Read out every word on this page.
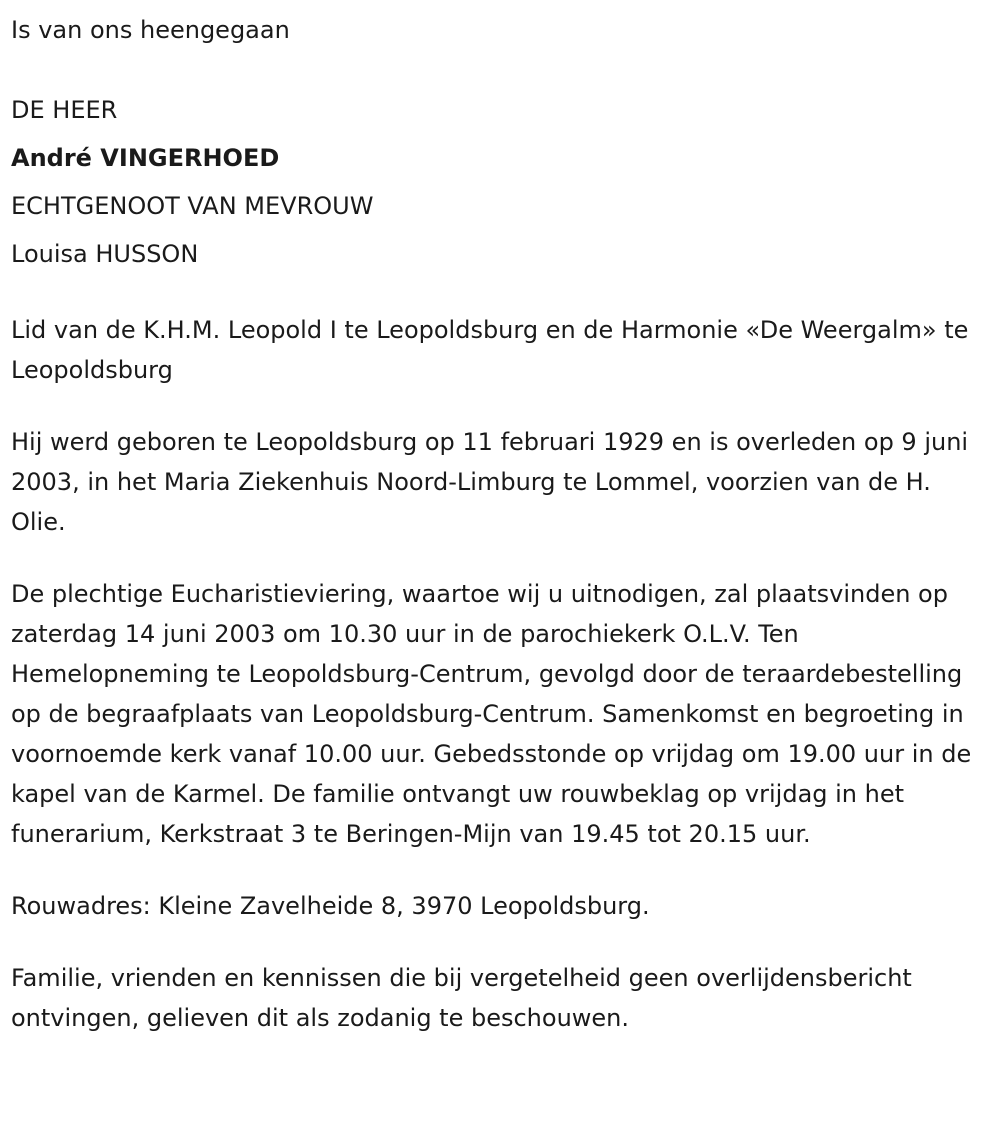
Is van ons heengegaan

DE HEER

André VINGERHOED

ECHTGENOOT VAN MEVROUW

Louisa HUSSON

Lid van de K.H.M. Leopold I te Leopoldsburg en de Harmonie «De Weergalm» te Leopoldsburg

Hij werd geboren te Leopoldsburg op 11 februari 1929 en is overleden op 9 juni 2003, in het Maria Ziekenhuis Noord-Limburg te Lommel, voorzien van de H. Olie.

De plechtige Eucharistieviering, waartoe wij u uitnodigen, zal plaatsvinden op zaterdag 14 juni 2003 om 10.30 uur in de parochiekerk O.L.V. Ten Hemelopneming te Leopoldsburg-Centrum, gevolgd door de teraardebestelling op de begraafplaats van Leopoldsburg-Centrum. Samenkomst en begroeting in voornoemde kerk vanaf 10.00 uur. Gebedsstonde op vrijdag om 19.00 uur in de kapel van de Karmel. De familie ontvangt uw rouwbeklag op vrijdag in het funerarium, Kerkstraat 3 te Beringen-Mijn van 19.45 tot 20.15 uur.

Rouwadres: Kleine Zavelheide 8, 3970 Leopoldsburg.

Familie, vrienden en kennissen die bij vergetelheid geen overlijdensbericht ontvingen, gelieven dit als zodanig te beschouwen.
